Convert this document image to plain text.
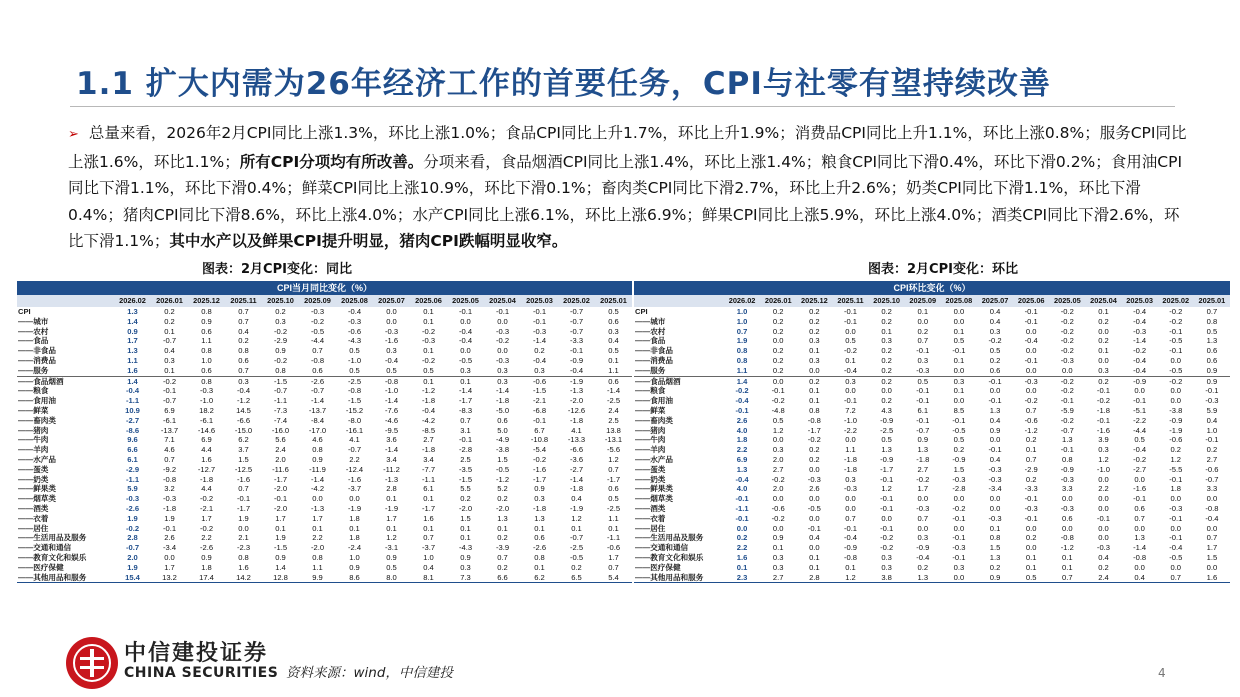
1.1 扩大内需为26年经济工作的首要任务，CPI与社零有望持续改善
➢ 总量来看，2026年2月CPI同比上涨1.3%，环比上涨1.0%；食品CPI同比上升1.7%，环比上升1.9%；消费品CPI同比上升1.1%，环比上涨0.8%；服务CPI同比上涨1.6%，环比1.1%；所有CPI分项均有所改善。分项来看，食品烟酒CPI同比上涨1.4%，环比上涨1.4%；粮食CPI同比下滑0.4%，环比下滑0.2%；食用油CPI同比下滑1.1%，环比下滑0.4%；鲜菜CPI同比上涨10.9%，环比下滑0.1%；畜肉类CPI同比下滑2.7%，环比上升2.6%；奶类CPI同比下滑1.1%，环比下滑0.4%；猪肉CPI同比下滑8.6%，环比上涨4.0%；水产CPI同比上涨6.1%，环比上涨6.9%；鲜果CPI同比上涨5.9%，环比上涨4.0%；酒类CPI同比下滑2.6%，环比下滑1.1%；其中水产以及鲜果CPI提升明显，猪肉CPI跌幅明显收窄。
图表：2月CPI变化：同比	图表：2月CPI变化：环比
CPI当月同比变化（%）														
	2026.02	2026.01	2025.12	2025.11	2025.10	2025.09	2025.08	2025.07	2025.06	2025.05	2025.04	2025.03	2025.02	2025.01
CPI	1.3	0.2	0.8	0.7	0.2	-0.3	-0.4	0.0	0.1	-0.1	-0.1	-0.1	-0.7	0.5
——城市	1.4	0.2	0.9	0.7	0.3	-0.2	-0.3	0.0	0.1	0.0	0.0	-0.1	-0.7	0.6
——农村	0.9	0.1	0.6	0.4	-0.2	-0.5	-0.6	-0.3	-0.2	-0.4	-0.3	-0.3	-0.7	0.3
——食品	1.7	-0.7	1.1	0.2	-2.9	-4.4	-4.3	-1.6	-0.3	-0.4	-0.2	-1.4	-3.3	0.4
——非食品	1.3	0.4	0.8	0.8	0.9	0.7	0.5	0.3	0.1	0.0	0.0	0.2	-0.1	0.5
——消费品	1.1	0.3	1.0	0.6	-0.2	-0.8	-1.0	-0.4	-0.2	-0.5	-0.3	-0.4	-0.9	0.1
——服务	1.6	0.1	0.6	0.7	0.8	0.6	0.5	0.5	0.5	0.3	0.3	0.3	-0.4	1.1
——食品烟酒	1.4	-0.2	0.8	0.3	-1.5	-2.6	-2.5	-0.8	0.1	0.1	0.3	-0.6	-1.9	0.6
——粮食	-0.4	-0.1	-0.3	-0.4	-0.7	-0.7	-0.8	-1.0	-1.2	-1.4	-1.4	-1.5	-1.3	-1.4
——食用油	-1.1	-0.7	-1.0	-1.2	-1.1	-1.4	-1.5	-1.4	-1.8	-1.7	-1.8	-2.1	-2.0	-2.5
——鲜菜	10.9	6.9	18.2	14.5	-7.3	-13.7	-15.2	-7.6	-0.4	-8.3	-5.0	-6.8	-12.6	2.4
——畜肉类	-2.7	-6.1	-6.1	-6.6	-7.4	-8.4	-8.0	-4.6	-4.2	0.7	0.6	-0.1	-1.8	2.5
——猪肉	-8.6	-13.7	-14.6	-15.0	-16.0	-17.0	-16.1	-9.5	-8.5	3.1	5.0	6.7	4.1	13.8
——牛肉	9.6	7.1	6.9	6.2	5.6	4.6	4.1	3.6	2.7	-0.1	-4.9	-10.8	-13.3	-13.1
——羊肉	6.6	4.6	4.4	3.7	2.4	0.8	-0.7	-1.4	-1.8	-2.8	-3.8	-5.4	-6.6	-5.6
——水产品	6.1	0.7	1.6	1.5	2.0	0.9	2.2	3.4	3.4	2.5	1.5	-0.2	-3.6	1.2
——蛋类	-2.9	-9.2	-12.7	-12.5	-11.6	-11.9	-12.4	-11.2	-7.7	-3.5	-0.5	-1.6	-2.7	0.7
——奶类	-1.1	-0.8	-1.8	-1.6	-1.7	-1.4	-1.6	-1.3	-1.1	-1.5	-1.2	-1.7	-1.4	-1.7
——鲜果类	5.9	3.2	4.4	0.7	-2.0	-4.2	-3.7	2.8	6.1	5.5	5.2	0.9	-1.8	0.6
——烟草类	-0.3	-0.3	-0.2	-0.1	-0.1	0.0	0.0	0.1	0.1	0.2	0.2	0.3	0.4	0.5
——酒类	-2.6	-1.8	-2.1	-1.7	-2.0	-1.3	-1.9	-1.9	-1.7	-2.0	-2.0	-1.8	-1.9	-2.5
——衣着	1.9	1.9	1.7	1.9	1.7	1.7	1.8	1.7	1.6	1.5	1.3	1.3	1.2	1.1
——居住	-0.2	-0.1	-0.2	0.0	0.1	0.1	0.1	0.1	0.1	0.1	0.1	0.1	0.1	0.1
——生活用品及服务	2.8	2.6	2.2	2.1	1.9	2.2	1.8	1.2	0.7	0.1	0.2	0.6	-0.7	-1.1
——交通和通信	-0.7	-3.4	-2.6	-2.3	-1.5	-2.0	-2.4	-3.1	-3.7	-4.3	-3.9	-2.6	-2.5	-0.6
——教育文化和娱乐	2.0	0.0	0.9	0.8	0.9	0.8	1.0	0.9	1.0	0.9	0.7	0.8	-0.5	1.7
——医疗保健	1.9	1.7	1.8	1.6	1.4	1.1	0.9	0.5	0.4	0.3	0.2	0.1	0.2	0.7
——其他用品和服务	15.4	13.2	17.4	14.2	12.8	9.9	8.6	8.0	8.1	7.3	6.6	6.2	6.5	5.4
CPI环比变化（%）														
	2026.02	2026.01	2025.12	2025.11	2025.10	2025.09	2025.08	2025.07	2025.06	2025.05	2025.04	2025.03	2025.02	2025.01
CPI	1.0	0.2	0.2	-0.1	0.2	0.1	0.0	0.4	-0.1	-0.2	0.1	-0.4	-0.2	0.7
——城市	1.0	0.2	0.2	-0.1	0.2	0.0	0.0	0.4	-0.1	-0.2	0.2	-0.4	-0.2	0.8
——农村	0.7	0.2	0.2	0.0	0.1	0.2	0.1	0.3	0.0	-0.2	0.0	-0.3	-0.1	0.5
——食品	1.9	0.0	0.3	0.5	0.3	0.7	0.5	-0.2	-0.4	-0.2	0.2	-1.4	-0.5	1.3
——非食品	0.8	0.2	0.1	-0.2	0.2	-0.1	-0.1	0.5	0.0	-0.2	0.1	-0.2	-0.1	0.6
——消费品	0.8	0.2	0.3	0.1	0.2	0.3	0.1	0.2	-0.1	-0.3	0.0	-0.4	0.0	0.6
——服务	1.1	0.2	0.0	-0.4	0.2	-0.3	0.0	0.6	0.0	0.0	0.3	-0.4	-0.5	0.9
——食品烟酒	1.4	0.0	0.2	0.3	0.2	0.5	0.3	-0.1	-0.3	-0.2	0.2	-0.9	-0.2	0.9
——粮食	-0.2	-0.1	0.1	0.0	0.0	-0.1	0.1	0.0	0.0	-0.2	-0.1	0.0	0.0	-0.1
——食用油	-0.4	-0.2	0.1	-0.1	0.2	-0.1	0.0	-0.1	-0.2	-0.1	-0.2	-0.1	0.0	-0.3
——鲜菜	-0.1	-4.8	0.8	7.2	4.3	6.1	8.5	1.3	0.7	-5.9	-1.8	-5.1	-3.8	5.9
——畜肉类	2.6	0.5	-0.8	-1.0	-0.9	-0.1	-0.1	0.4	-0.6	-0.2	-0.1	-2.2	-0.9	0.4
——猪肉	4.0	1.2	-1.7	-2.2	-2.5	-0.7	-0.5	0.9	-1.2	-0.7	-1.6	-4.4	-1.9	1.0
——牛肉	1.8	0.0	-0.2	0.0	0.5	0.9	0.5	0.0	0.2	1.3	3.9	0.5	-0.6	-0.1
——羊肉	2.2	0.3	0.2	1.1	1.3	1.3	0.2	-0.1	0.1	-0.1	0.3	-0.4	0.2	0.2
——水产品	6.9	2.0	0.2	-1.8	-0.9	-1.8	-0.9	0.4	0.7	0.8	1.2	-0.2	1.2	2.7
——蛋类	1.3	2.7	0.0	-1.8	-1.7	2.7	1.5	-0.3	-2.9	-0.9	-1.0	-2.7	-5.5	-0.6
——奶类	-0.4	-0.2	-0.3	0.3	-0.1	-0.2	-0.3	-0.3	0.2	-0.3	0.0	0.0	-0.1	-0.7
——鲜果类	4.0	2.0	2.6	-0.3	1.2	1.7	-2.8	-3.4	-3.3	3.3	2.2	-1.6	1.8	3.3
——烟草类	-0.1	0.0	0.0	0.0	-0.1	0.0	0.0	0.0	-0.1	0.0	0.0	-0.1	0.0	0.0
——酒类	-1.1	-0.6	-0.5	0.0	-0.1	-0.3	-0.2	0.0	-0.3	-0.3	0.0	0.6	-0.3	-0.8
——衣着	-0.1	-0.2	0.0	0.7	0.0	0.7	-0.1	-0.3	-0.1	0.6	-0.1	0.7	-0.1	-0.4
——居住	0.0	0.0	-0.1	-0.1	-0.1	0.0	0.0	0.1	0.0	0.0	0.0	0.0	0.0	0.0
——生活用品及服务	0.2	0.9	0.4	-0.4	-0.2	0.3	-0.1	0.8	0.2	-0.8	0.0	1.3	-0.1	0.7
——交通和通信	2.2	0.1	0.0	-0.9	-0.2	-0.9	-0.3	1.5	0.0	-1.2	-0.3	-1.4	-0.4	1.7
——教育文化和娱乐	1.6	0.3	0.1	-0.8	0.3	-0.4	-0.1	1.3	0.1	0.1	0.4	-0.8	-0.5	1.5
——医疗保健	0.1	0.3	0.1	0.1	0.3	0.2	0.3	0.2	0.1	0.1	0.2	0.0	0.0	0.0
——其他用品和服务	2.3	2.7	2.8	1.2	3.8	1.3	0.0	0.9	0.5	0.7	2.4	0.4	0.7	1.6
中信建投证券
CHINA SECURITIES 资料来源：wind，中信建投	4
